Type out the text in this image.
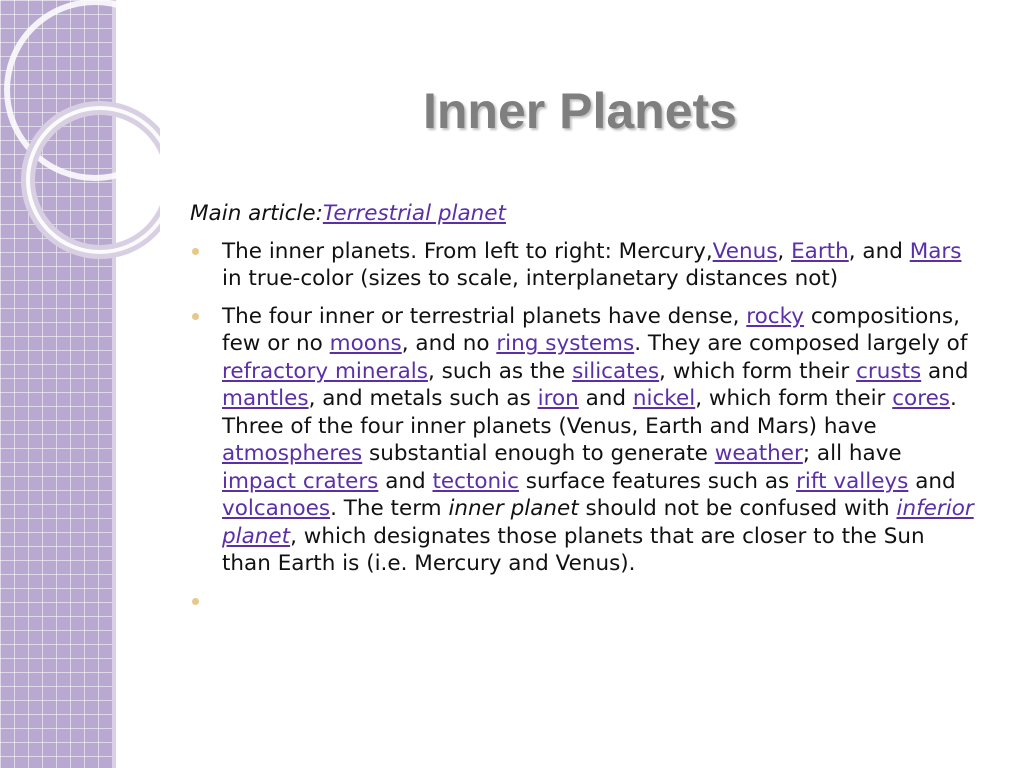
Inner Planets

Main article:Terrestrial planet

The inner planets. From left to right: Mercury,Venus, Earth, and Mars in true-color (sizes to scale, interplanetary distances not)
The four inner or terrestrial planets have dense, rocky compositions, few or no moons, and no ring systems. They are composed largely of refractory minerals, such as the silicates, which form their crusts and mantles, and metals such as iron and nickel, which form their cores. Three of the four inner planets (Venus, Earth and Mars) have atmospheres substantial enough to generate weather; all have impact craters and tectonic surface features such as rift valleys and volcanoes. The term inner planet should not be confused with inferior planet, which designates those planets that are closer to the Sun than Earth is (i.e. Mercury and Venus).
